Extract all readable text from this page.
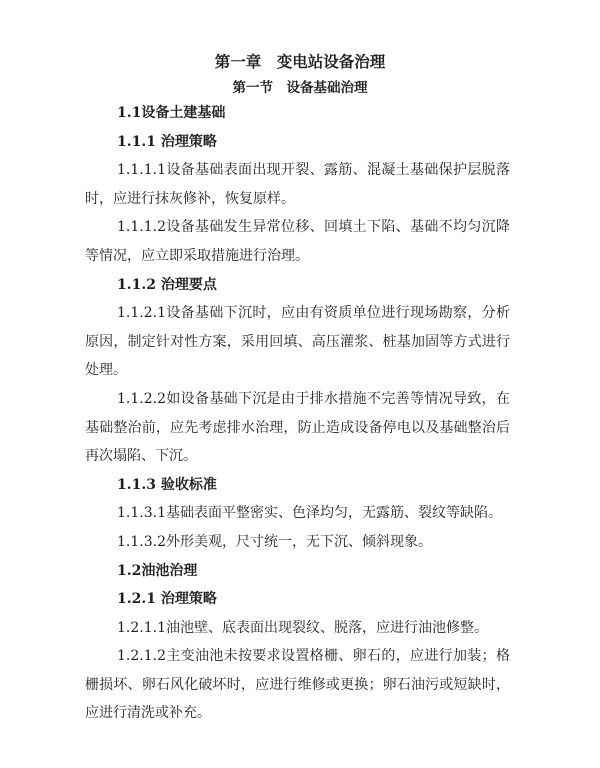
第一章　变电站设备治理
第一节　设备基础治理
1.1设备土建基础
1.1.1 治理策略
1.1.1.1设备基础表面出现开裂、露筋、混凝土基础保护层脱落
时，应进行抹灰修补，恢复原样。
1.1.1.2设备基础发生异常位移、回填土下陷、基础不均匀沉降
等情况，应立即采取措施进行治理。
1.1.2 治理要点
1.1.2.1设备基础下沉时，应由有资质单位进行现场勘察，分析
原因，制定针对性方案，采用回填、高压灌浆、桩基加固等方式进行
处理。
1.1.2.2如设备基础下沉是由于排水措施不完善等情况导致，在
基础整治前，应先考虑排水治理，防止造成设备停电以及基础整治后
再次塌陷、下沉。
1.1.3 验收标准
1.1.3.1基础表面平整密实、色泽均匀，无露筋、裂纹等缺陷。
1.1.3.2外形美观，尺寸统一，无下沉、倾斜现象。
1.2油池治理
1.2.1 治理策略
1.2.1.1油池壁、底表面出现裂纹、脱落，应进行油池修整。
1.2.1.2主变油池未按要求设置格栅、卵石的，应进行加装；格
栅损坏、卵石风化破坏时，应进行维修或更换；卵石油污或短缺时，
应进行清洗或补充。
